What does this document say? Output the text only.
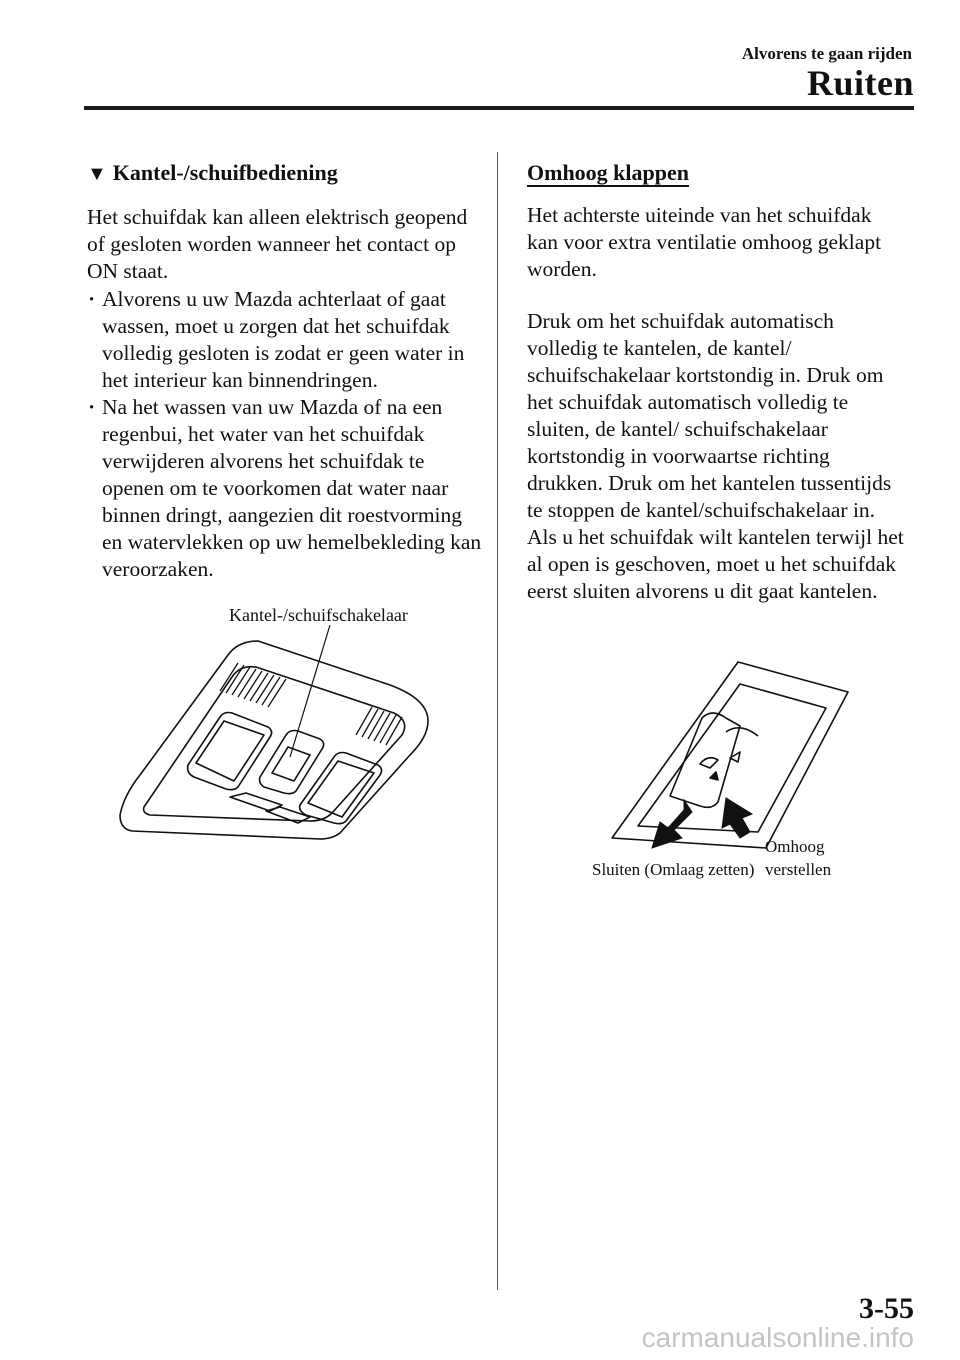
Alvorens te gaan rijden
Ruiten
▼ Kantel-/schuifbediening
Het schuifdak kan alleen elektrisch geopend of gesloten worden wanneer het contact op ON staat.
· Alvorens u uw Mazda achterlaat of gaat wassen, moet u zorgen dat het schuifdak volledig gesloten is zodat er geen water in het interieur kan binnendringen.
· Na het wassen van uw Mazda of na een regenbui, het water van het schuifdak verwijderen alvorens het schuifdak te openen om te voorkomen dat water naar binnen dringt, aangezien dit roestvorming en watervlekken op uw hemelbekleding kan veroorzaken.
Kantel-/schuifschakelaar
Omhoog klappen
Het achterste uiteinde van het schuifdak kan voor extra ventilatie omhoog geklapt worden.
Druk om het schuifdak automatisch volledig te kantelen, de kantel/ schuifschakelaar kortstondig in. Druk om het schuifdak automatisch volledig te sluiten, de kantel/ schuifschakelaar kortstondig in voorwaartse richting drukken. Druk om het kantelen tussentijds te stoppen de kantel/schuifschakelaar in. Als u het schuifdak wilt kantelen terwijl het al open is geschoven, moet u het schuifdak eerst sluiten alvorens u dit gaat kantelen.
Sluiten (Omlaag zetten)
Omhoog
verstellen
3-55
carmanualsonline.info
